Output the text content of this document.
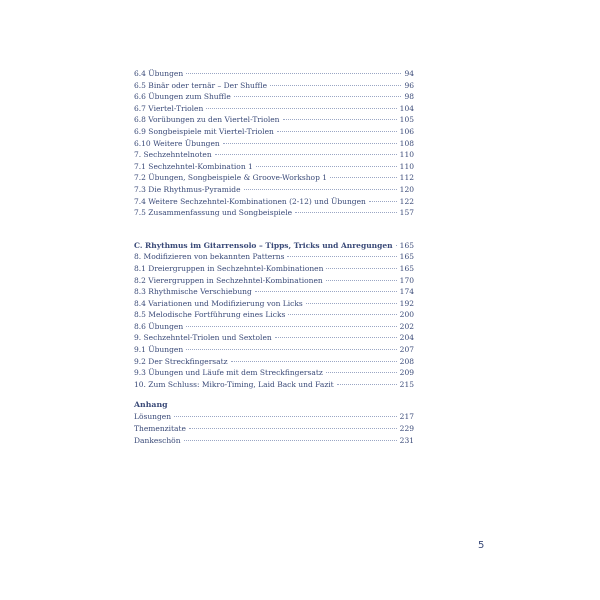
6.4 Übungen	94
6.5 Binär oder ternär – Der Shuffle	96
6.6 Übungen zum Shuffle	98
6.7 Viertel-Triolen	104
6.8 Vorübungen zu den Viertel-Triolen	105
6.9 Songbeispiele mit Viertel-Triolen	106
6.10 Weitere Übungen	108
7. Sechzehntelnoten	110
7.1 Sechzehntel-Kombination 1	110
7.2 Übungen, Songbeispiele & Groove-Workshop 1	112
7.3 Die Rhythmus-Pyramide	120
7.4 Weitere Sechzehntel-Kombinationen (2-12) und Übungen	122
7.5 Zusammenfassung und Songbeispiele	157
C. Rhythmus im Gitarrensolo – Tipps, Tricks und Anregungen 165
8. Modifizieren von bekannten Patterns	165
8.1 Dreiergruppen in Sechzehntel-Kombinationen	165
8.2 Vierergruppen in Sechzehntel-Kombinationen	170
8.3 Rhythmische Verschiebung	174
8.4 Variationen und Modifizierung von Licks	192
8.5 Melodische Fortführung eines Licks	200
8.6 Übungen	202
9. Sechzehntel-Triolen und Sextolen	204
9.1 Übungen	207
9.2 Der Streckfingersatz	208
9.3 Übungen und Läufe mit dem Streckfingersatz	209
10. Zum Schluss: Mikro-Timing, Laid Back und Fazit	215
Anhang
Lösungen	217
Themenzitate	229
Dankeschön	231
5
